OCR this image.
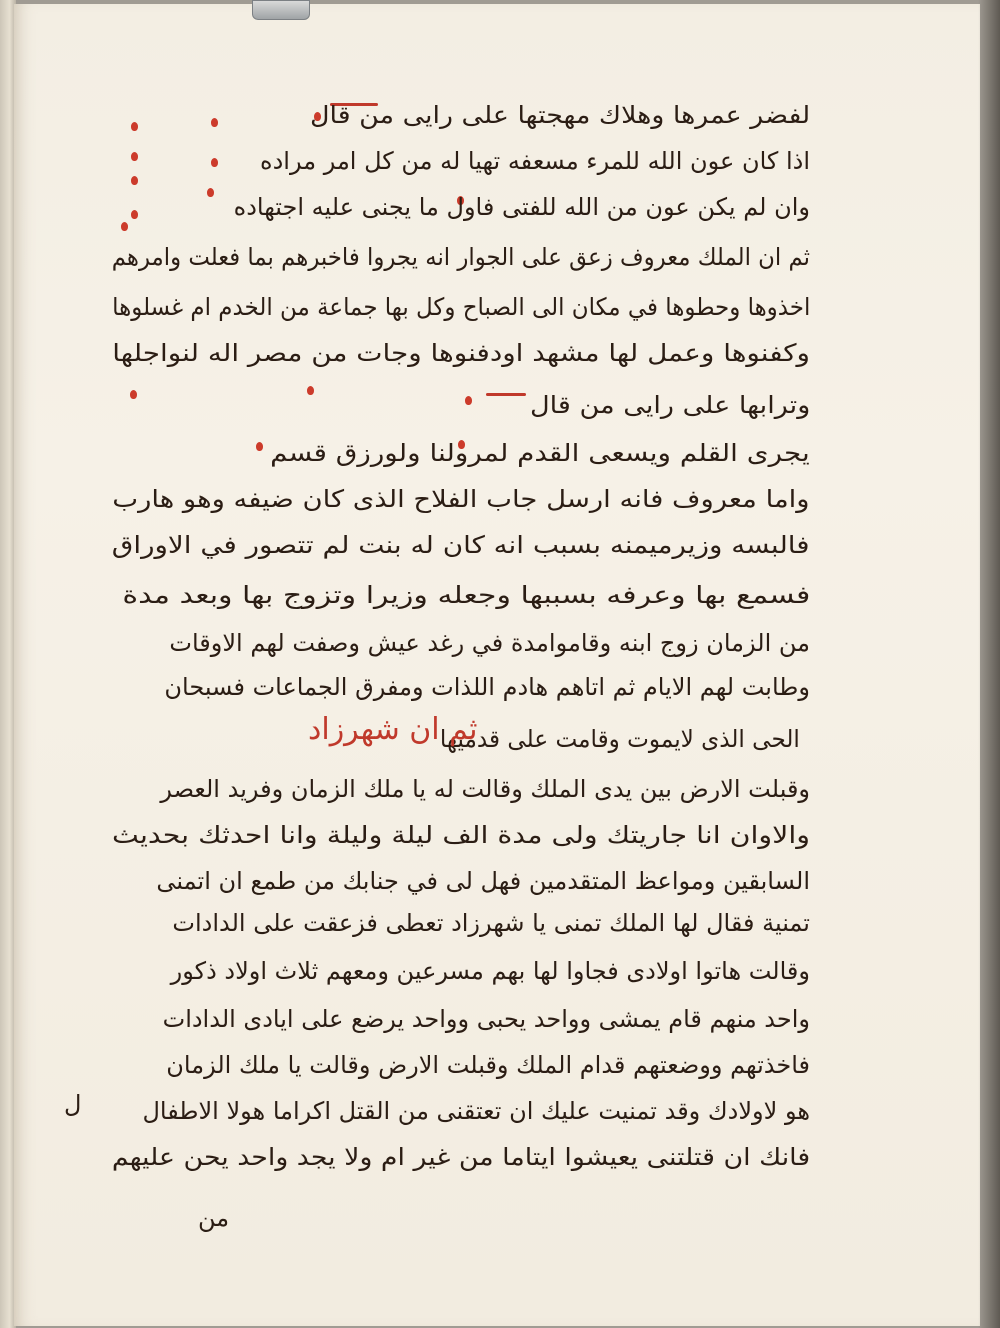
لفضر عمرها وهلاك مهجتها على رايى من قال
اذا كان عون الله للمرء مسعفه تهيا له من كل امر مراده
وان لم يكن عون من الله للفتى فاول ما يجنى عليه اجتهاده
ثم ان الملك معروف زعق على الجوار انه يجروا فاخبرهم بما فعلت وامرهم
اخذوها وحطوها في مكان الى الصباح وكل بها جماعة من الخدم ام غسلوها
وكفنوها وعمل لها مشهد اودفنوها وجات من مصر اله لنواجلها
وترابها على رايى من قال
يجرى القلم ويسعى القدم لمرولنا ولورزق قسم
واما معروف فانه ارسل جاب الفلاح الذى كان ضيفه وهو هارب
فالبسه وزيرميمنه بسبب انه كان له بنت لم تتصور في الاوراق
فسمع بها وعرفه بسببها وجعله وزيرا وتزوج بها وبعد مدة
من الزمان زوج ابنه وقاموامدة في رغد عيش وصفت لهم الاوقات
وطابت لهم الايام ثم اتاهم هادم اللذات ومفرق الجماعات فسبحان
الحى الذى لايموت وقامت على قدميها
ثم ان شهرزاد
وقبلت الارض بين يدى الملك وقالت له يا ملك الزمان وفريد العصر
والاوان انا جاريتك ولى مدة الف ليلة وليلة وانا احدثك بحديث
السابقين ومواعظ المتقدمين فهل لى في جنابك من طمع ان اتمنى
تمنية فقال لها الملك تمنى يا شهرزاد تعطى فزعقت على الدادات
وقالت هاتوا اولادى فجاوا لها بهم مسرعين ومعهم ثلاث اولاد ذكور
واحد منهم قام يمشى وواحد يحبى وواحد يرضع على ايادى الدادات
فاخذتهم ووضعتهم قدام الملك وقبلت الارض وقالت يا ملك الزمان
هو لاولادك وقد تمنيت عليك ان تعتقنى من القتل اكراما هولا الاطفال
فانك ان قتلتنى يعيشوا ايتاما من غير ام ولا يجد واحد يحن عليهم
ل
من
